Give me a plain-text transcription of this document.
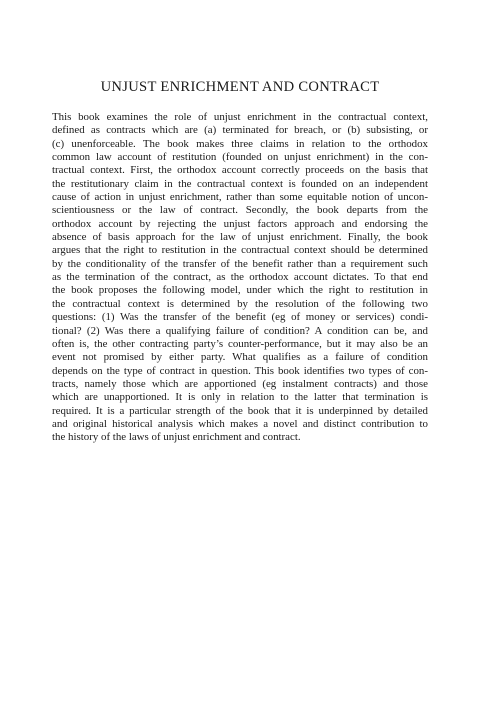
UNJUST ENRICHMENT AND CONTRACT
This book examines the role of unjust enrichment in the contractual context,
defined as contracts which are (a) terminated for breach, or (b) subsisting, or
(c) unenforceable. The book makes three claims in relation to the orthodox
common law account of restitution (founded on unjust enrichment) in the con-
tractual context. First, the orthodox account correctly proceeds on the basis that
the restitutionary claim in the contractual context is founded on an independent
cause of action in unjust enrichment, rather than some equitable notion of uncon-
scientiousness or the law of contract. Secondly, the book departs from the
orthodox account by rejecting the unjust factors approach and endorsing the
absence of basis approach for the law of unjust enrichment. Finally, the book
argues that the right to restitution in the contractual context should be determined
by the conditionality of the transfer of the benefit rather than a requirement such
as the termination of the contract, as the orthodox account dictates. To that end
the book proposes the following model, under which the right to restitution in
the contractual context is determined by the resolution of the following two
questions: (1) Was the transfer of the benefit (eg of money or services) condi-
tional? (2) Was there a qualifying failure of condition? A condition can be, and
often is, the other contracting party’s counter-performance, but it may also be an
event not promised by either party. What qualifies as a failure of condition
depends on the type of contract in question. This book identifies two types of con-
tracts, namely those which are apportioned (eg instalment contracts) and those
which are unapportioned. It is only in relation to the latter that termination is
required. It is a particular strength of the book that it is underpinned by detailed
and original historical analysis which makes a novel and distinct contribution to
the history of the laws of unjust enrichment and contract.
